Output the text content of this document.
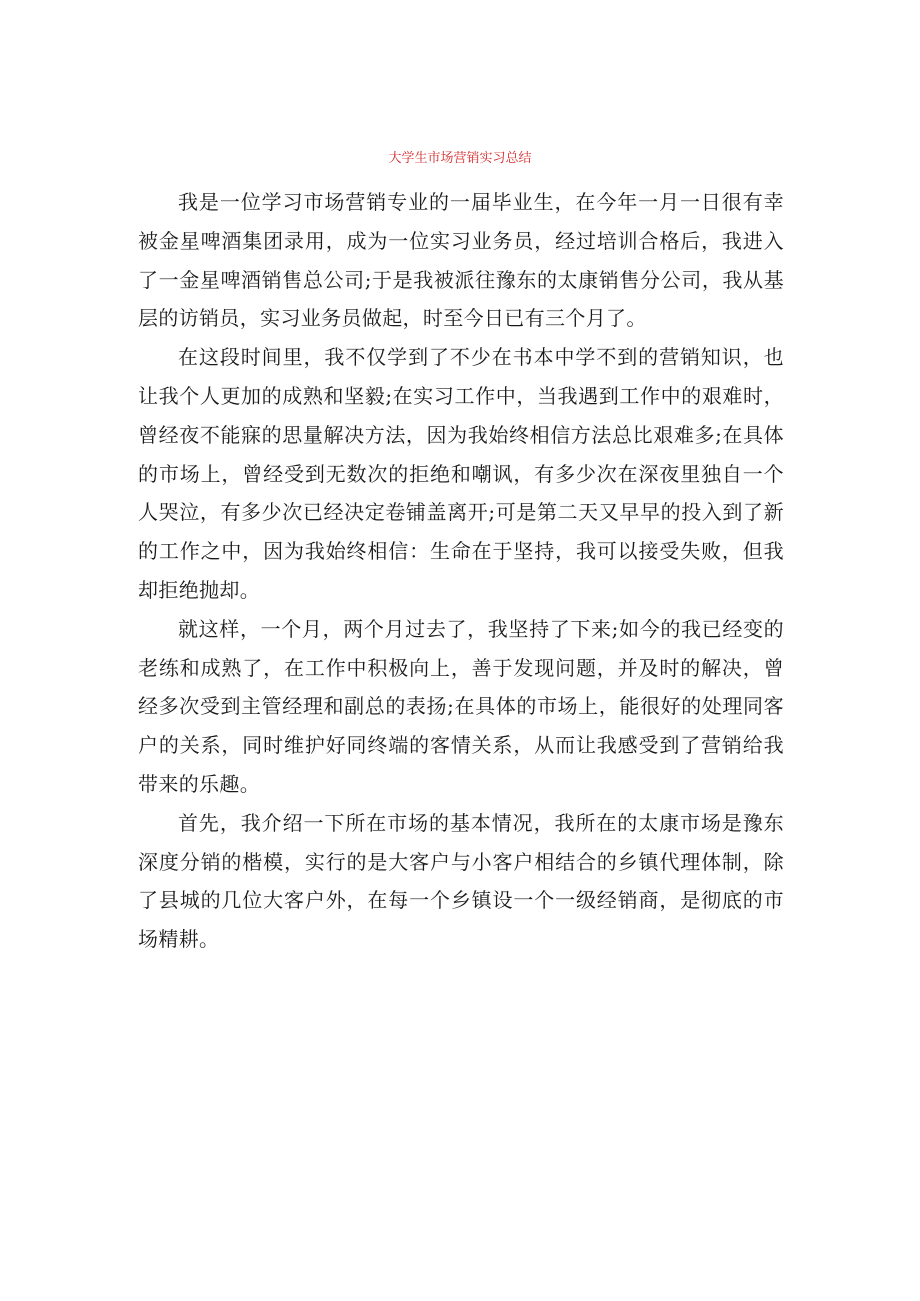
大学生市场营销实习总结

我是一位学习市场营销专业的一届毕业生，在今年一月一日很有幸被金星啤酒集团录用，成为一位实习业务员，经过培训合格后，我进入了一金星啤酒销售总公司;于是我被派往豫东的太康销售分公司，我从基层的访销员，实习业务员做起，时至今日已有三个月了。

在这段时间里，我不仅学到了不少在书本中学不到的营销知识，也让我个人更加的成熟和坚毅;在实习工作中，当我遇到工作中的艰难时，曾经夜不能寐的思量解决方法，因为我始终相信方法总比艰难多;在具体的市场上，曾经受到无数次的拒绝和嘲讽，有多少次在深夜里独自一个人哭泣，有多少次已经决定卷铺盖离开;可是第二天又早早的投入到了新的工作之中，因为我始终相信：生命在于坚持，我可以接受失败，但我却拒绝抛却。

就这样，一个月，两个月过去了，我坚持了下来;如今的我已经变的老练和成熟了，在工作中积极向上，善于发现问题，并及时的解决，曾经多次受到主管经理和副总的表扬;在具体的市场上，能很好的处理同客户的关系，同时维护好同终端的客情关系，从而让我感受到了营销给我带来的乐趣。

首先，我介绍一下所在市场的基本情况，我所在的太康市场是豫东深度分销的楷模，实行的是大客户与小客户相结合的乡镇代理体制，除了县城的几位大客户外，在每一个乡镇设一个一级经销商，是彻底的市场精耕。
